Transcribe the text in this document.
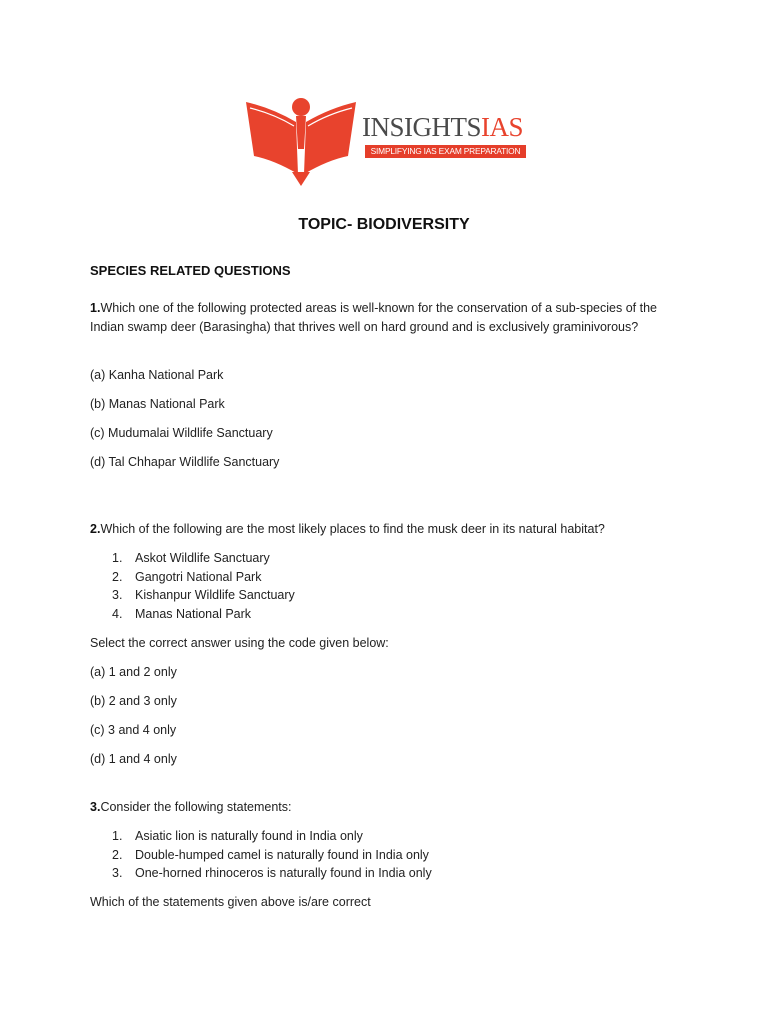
INSIGHTSIAS
SIMPLIFYING IAS EXAM PREPARATION
TOPIC- BIODIVERSITY
SPECIES RELATED QUESTIONS

1.Which one of the following protected areas is well-known for the conservation of a sub-species of the Indian swamp deer (Barasingha) that thrives well on hard ground and is exclusively graminivorous?

(a) Kanha National Park

(b) Manas National Park

(c) Mudumalai Wildlife Sanctuary

(d) Tal Chhapar Wildlife Sanctuary

2.Which of the following are the most likely places to find the musk deer in its natural habitat?

1. Askot Wildlife Sanctuary
2. Gangotri National Park
3. Kishanpur Wildlife Sanctuary
4. Manas National Park

Select the correct answer using the code given below:

(a) 1 and 2 only

(b) 2 and 3 only

(c) 3 and 4 only

(d) 1 and 4 only

3.Consider the following statements:

1. Asiatic lion is naturally found in India only
2. Double-humped camel is naturally found in India only
3. One-horned rhinoceros is naturally found in India only

Which of the statements given above is/are correct
